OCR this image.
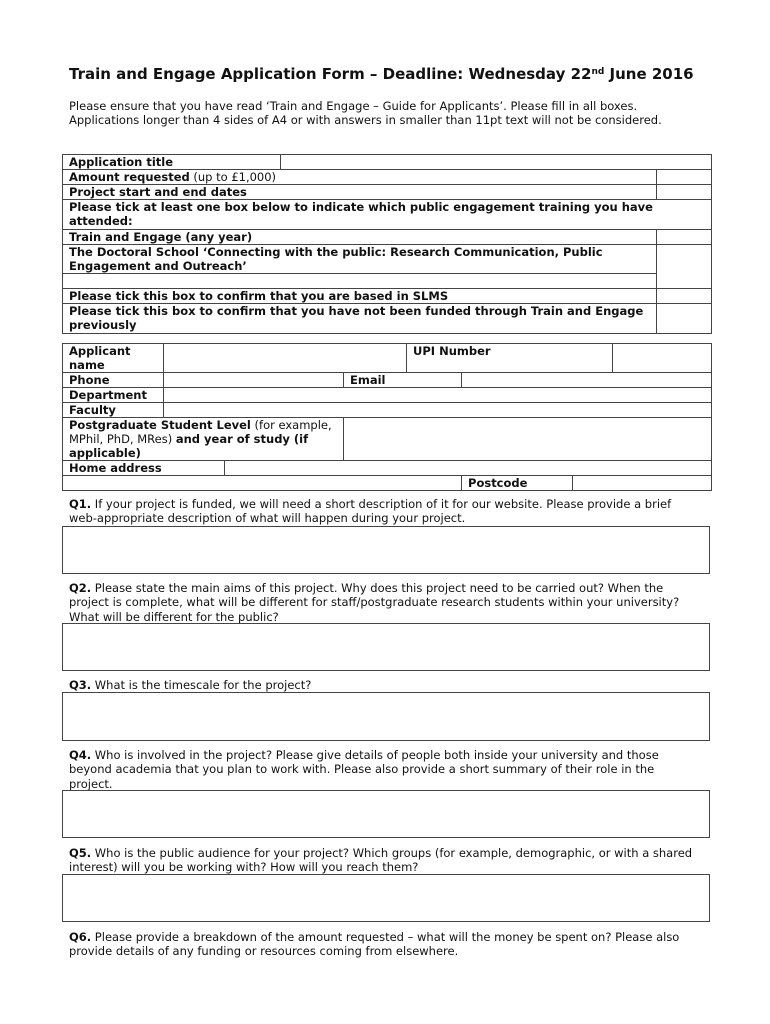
Train and Engage Application Form – Deadline: Wednesday 22nd June 2016
Please ensure that you have read ‘Train and Engage – Guide for Applicants’. Please fill in all boxes. Applications longer than 4 sides of A4 or with answers in smaller than 11pt text will not be considered.
Application title		
Amount requested (up to £1,000)		
Project start and end dates		
Please tick at least one box below to indicate which public engagement training you have attended:		
Train and Engage (any year)		
The Doctoral School ‘Connecting with the public: Research Communication, Public Engagement and Outreach’		

Please tick this box to confirm that you are based in SLMS		
Please tick this box to confirm that you have not been funded through Train and Engage previously		
Applicant name				UPI Number			
Phone			Email				
Department							
Faculty							
Postgraduate Student Level (for example, MPhil, PhD, MRes) and year of study (if applicable)							
Home address							
					Postcode		
Q1. If your project is funded, we will need a short description of it for our website. Please provide a brief web-appropriate description of what will happen during your project.
Q2. Please state the main aims of this project. Why does this project need to be carried out? When the project is complete, what will be different for staff/postgraduate research students within your university? What will be different for the public?
Q3. What is the timescale for the project?
Q4. Who is involved in the project? Please give details of people both inside your university and those beyond academia that you plan to work with. Please also provide a short summary of their role in the project.
Q5. Who is the public audience for your project? Which groups (for example, demographic, or with a shared interest) will you be working with? How will you reach them?
Q6. Please provide a breakdown of the amount requested – what will the money be spent on? Please also provide details of any funding or resources coming from elsewhere.
